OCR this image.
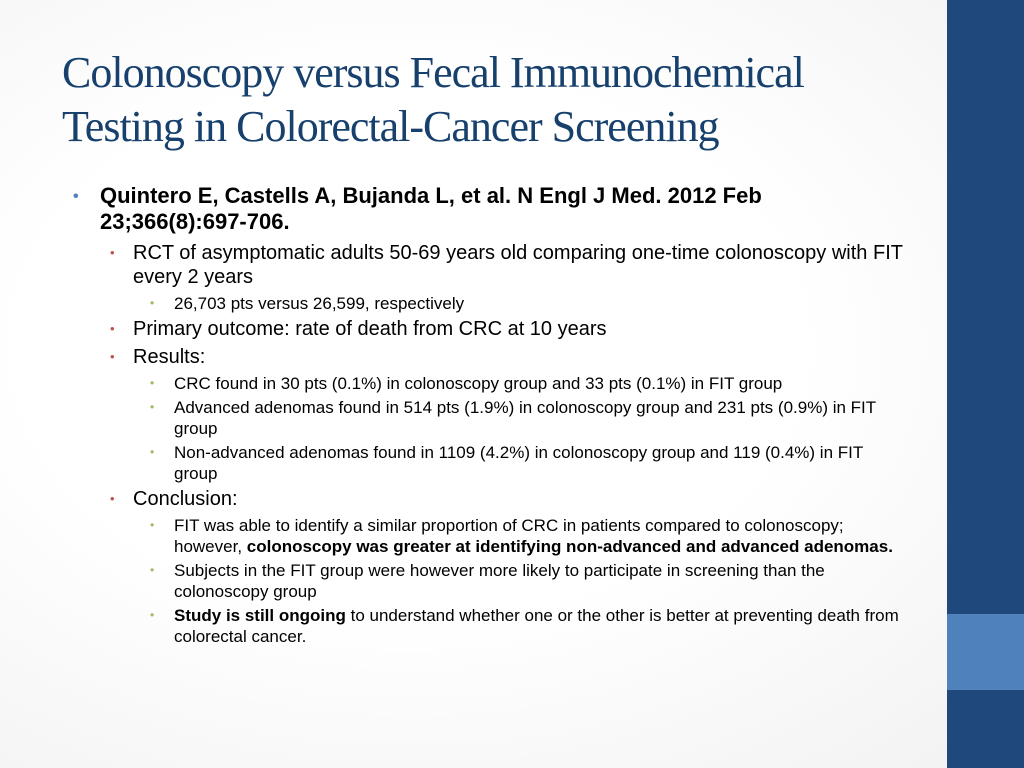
Colonoscopy versus Fecal Immunochemical
Testing in Colorectal-Cancer Screening
• Quintero E, Castells A, Bujanda L, et al. N Engl J Med. 2012 Feb 23;366(8):697-706.
• RCT of asymptomatic adults 50-69 years old comparing one-time colonoscopy with FIT every 2 years
• 26,703 pts versus 26,599, respectively
• Primary outcome: rate of death from CRC at 10 years
• Results:
• CRC found in 30 pts (0.1%) in colonoscopy group and 33 pts (0.1%) in FIT group
• Advanced adenomas found in 514 pts (1.9%) in colonoscopy group and 231 pts (0.9%) in FIT group
• Non-advanced adenomas found in 1109 (4.2%) in colonoscopy group and 119 (0.4%) in FIT group
• Conclusion:
• FIT was able to identify a similar proportion of CRC in patients compared to colonoscopy; however, colonoscopy was greater at identifying non-advanced and advanced adenomas.
• Subjects in the FIT group were however more likely to participate in screening than the colonoscopy group
• Study is still ongoing to understand whether one or the other is better at preventing death from colorectal cancer.
